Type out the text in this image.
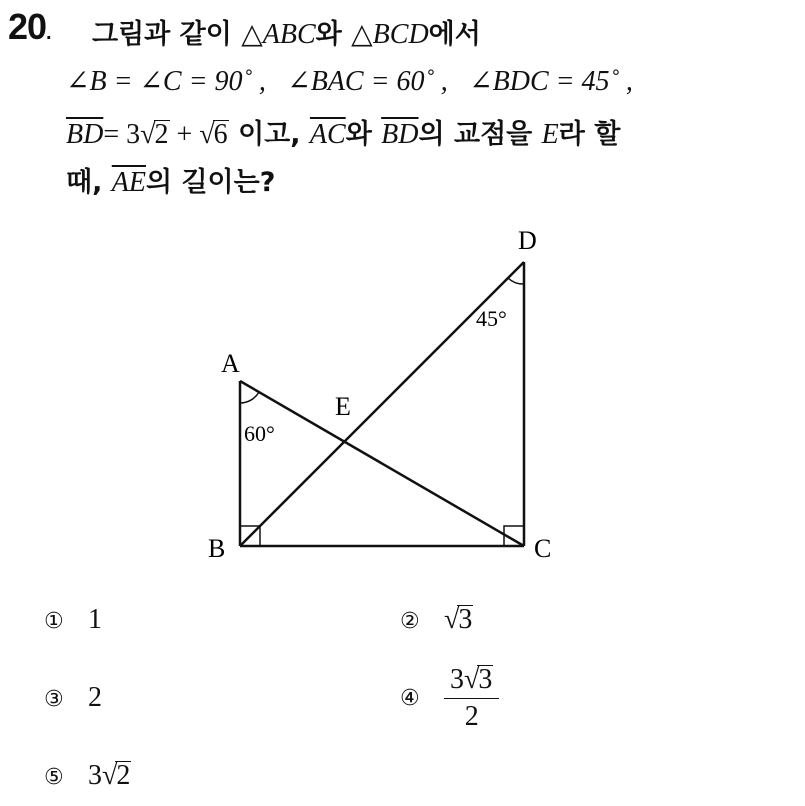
20. 그림과 같이 △ABC와 △BCD에서
∠B = ∠C = 90˚ , ∠BAC = 60˚ , ∠BDC = 45˚ ,
$\overline{BD}= 3√2 + √6$ 이고, $\overline{AC}$와 $\overline{BD}$의 교점을 E라 할
때, $\overline{AE}$의 길이는?
A
B	C
D
E
60°
45°
① 1	② √3
③ 2	④ $\frac{3√3}{2}$
⑤ 3√2
